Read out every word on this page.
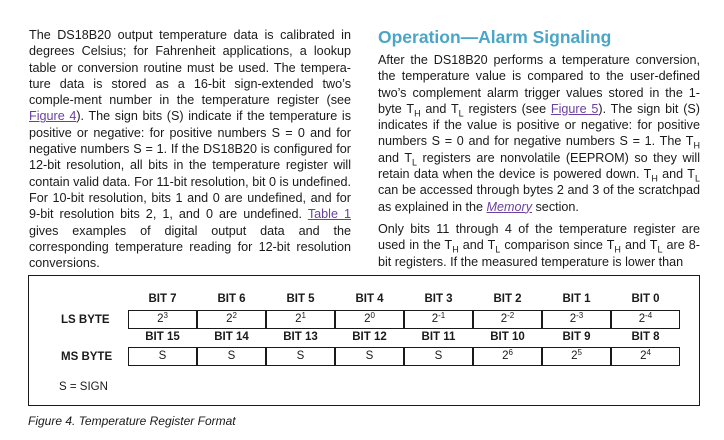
The DS18B20 output temperature data is calibrated in degrees Celsius; for Fahrenheit applications, a lookup table or conversion routine must be used. The tempera-ture data is stored as a 16-bit sign-extended two’s comple-ment number in the temperature register (see Figure 4). The sign bits (S) indicate if the temperature is positive or negative: for positive numbers S = 0 and for negative numbers S = 1. If the DS18B20 is configured for 12-bit resolution, all bits in the temperature register will contain valid data. For 11-bit resolution, bit 0 is undefined. For 10-bit resolution, bits 1 and 0 are undefined, and for 9-bit resolution bits 2, 1, and 0 are undefined. Table 1 gives examples of digital output data and the corresponding temperature reading for 12-bit resolution conversions.

Operation—Alarm Signaling

After the DS18B20 performs a temperature conversion, the temperature value is compared to the user-defined two’s complement alarm trigger values stored in the 1-byte $T_H$ and $T_L$ registers (see Figure 5). The sign bit (S) indicates if the value is positive or negative: for positive numbers S = 0 and for negative numbers S = 1. The $T_H$ and $T_L$ registers are nonvolatile (EEPROM) so they will retain data when the device is powered down. $T_H$ and $T_L$ can be accessed through bytes 2 and 3 of the scratchpad as explained in the Memory section.

Only bits 11 through 4 of the temperature register are used in the $T_H$ and $T_L$ comparison since $T_H$ and $T_L$ are 8-bit registers. If the measured temperature is lower than

LS BYTE
MS BYTE
S = SIGN
BIT 7	BIT 6	BIT 5	BIT 4	BIT 3	BIT 2	BIT 1	BIT 0
$2^3$	$2^2$	$2^1$	$2^0$	$2^{-1}$	$2^{-2}$	$2^{-3}$	$2^{-4}$
BIT 15	BIT 14	BIT 13	BIT 12	BIT 11	BIT 10	BIT 9	BIT 8
S	S	S	S	S	$2^6$	$2^5$	$2^4$
Figure 4. Temperature Register Format
